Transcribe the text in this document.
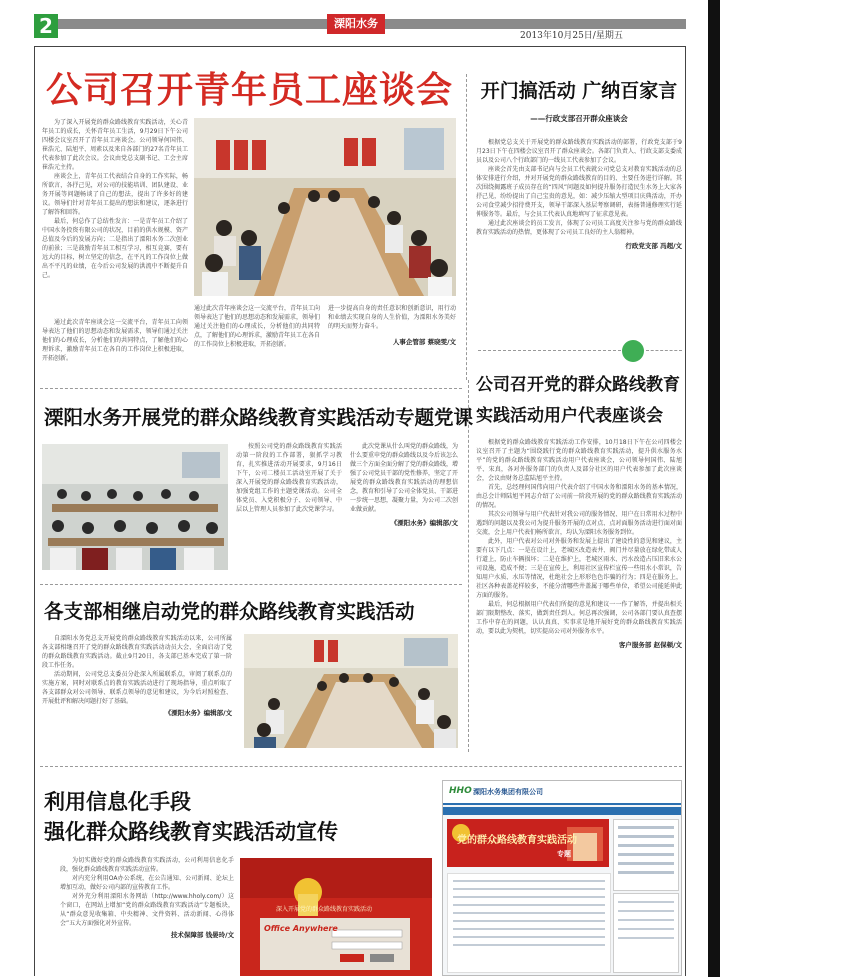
2	溧阳水务
2013年10月25日/星期五
公司召开青年员工座谈会

为了深入开展党的群众路线教育实践活动，关心青年员工的成长，关怀青年员工生活，9月29日下午公司四楼会议室召开了青年员工座谈会。公司领导何国伟、崔浩元、陆旭平、周素以及来自各部门的27名青年员工代表参加了此次会议。会议由党总支副书记、工会主席崔浩元主持。

座谈会上，青年员工代表结合自身的工作实际，畅所欲言，各抒己见，对公司的技能培训、团队建设、业务开展等问题畅谈了自己的想法，提出了许多好的建议。领导们针对青年员工提出的想法和建议，逐条进行了解答和回答。

最后，何总作了总结性发言：一是青年员工介绍了中国水务投资有限公司的状况，目前的供水规模、资产总值及今后的发展方向；二是指出了溧阳水务二次创业的前景；三是鼓励青年员工相互学习，相互竞赛，要有远大的目标，树立坚定的信念，在平凡的工作岗位上做出不平凡的业绩，在今后公司发展的洪流中不断提升自己。

通过此次青年座谈会这一交流平台，青年员工向领导表达了他们的思想动态和发展需求，领导们通过关注他们的心理成长，分析他们的共同特点，了解他们的心理诉求，激励青年员工在各自的工作岗位上积极进取，开拓创新。

通过此次青年座谈会这一交流平台，青年员工向领导表达了他们的思想动态和发展需求，领导们通过关注他们的心理成长，分析他们的共同特点，了解他们的心理诉求，激励青年员工在各自的工作岗位上积极进取，开拓创新。

进一步提高自身的责任意识和创新意识，用行动和业绩去实现自身的人生价值，为溧阳水务美好的明天而努力奋斗。

人事企管部 蔡晓雯/文
开门搞活动 广纳百家言
——行政支部召开群众座谈会

根据党总支关于开展党的群众路线教育实践活动的部署，行政党支部于9月23日下午在四楼会议室召开了群众座谈会。各部门负责人、行政支部支委成员以及公司八个行政部门的一线员工代表参加了会议。

座谈会首先由支部书记向与会员工代表就公司党总支对教育实践活动的总体安排进行介绍，并对开展党的群众路线教育的目的、主要任务进行详解。其次围绕揭露班子成员存在的“四风”问题及如何提升服务打造民生水务上大家各抒己见，纷纷提出了自己宝贵的意见，如：减少压缩大型项目庆典活动，开办公司食堂减少招待费开支，领导干部深入基层考察调研，表扬普通修理实行延伸服务等。最后，与会员工代表认真地填写了征求意见表。

通过此次座谈会的员工发言，体现了公司员工高度关注参与党的群众路线教育实践活动的热情，更体现了公司员工良好的主人翁精神。

行政党支部 冯超/文
溧阳水务开展党的群众路线教育实践活动专题党课

按照公司党的群众路线教育实践活动第一阶段的工作部署，狠抓学习教育，扎实推进活动开展要求，9月16日下午，公司二楼员工活动室开展了关于深入开展党的群众路线教育实践活动，加强党组工作的主题党课活动。公司全体党员、入党积极分子、公司领导、中层以上管理人员参加了此次党课学习。

此次党课从什么叫党的群众路线，为什么要重申党的群众路线以及今后该怎么做三个方面全面分解了党的群众路线，增强了公司党员干部的党性修养，坚定了开展党的群众路线教育实践活动的理想信念，教育和引导了公司全体党员、干部进一步统一思想，凝聚力量，为公司二次创业做贡献。

《溧阳水务》编辑部/文
公司召开党的群众路线教育
实践活动用户代表座谈会

根据党的群众路线教育实践活动工作安排，10月18日下午在公司四楼会议室召开了主题为“围绕践行党的群众路线教育实践活动，提升供水服务水平”的党的群众路线教育实践活动用户代表座谈会，公司领导何国伟、陆旭平、宋真，各对外服务部门的负责人及部分社区的用户代表参加了此次座谈会，会议由财务总监陆旭平主持。

首先，总经理何国伟向用户代表介绍了中国水务和溧阳水务的基本情况，由总会计师陆旭平同志介绍了公司前一阶段开展的党的群众路线教育实践活动的情况。

其次公司领导与用户代表针对我公司的服务情况、用户在日常用水过程中遇到的问题以及我公司为提升服务开展的点对点、点对面服务活动进行面对面交流，会上用户代表们畅所欲言，均认为溧阳水务服务到位。

此外，用户代表对公司对外服务和发展上提出了建设性的意见和建议，主要有以下几点：一是在设计上，老城区改造表井、阀门井尽量放在绿化带或人行道上，防止车辆损坏；二是在维护上，老城区雨水、污水改造占压旧来水公司设施，造成不便；三是在宣传上，利用社区宣传栏宣传一些用水小常识，告知用户水质、水压等情况，杜绝社会上形形色色诈骗的行为；四是在服务上，社区各种表盖花样较多，不能分清哪些井盖属于哪些单位，希望公司能延伸此方面的服务。

最后，何总根据用户代表们所提的意见和建议一一作了解答，并提出相关部门限期整改、落实，做到责任到人。何总再次强调，公司各部门要认真查摆工作中存在的问题，认认真真、实事求是地开展好党的群众路线教育实践活动，要以此为契机，切实提高公司对外服务水平。

客户服务部 赵保顿/文
各支部相继启动党的群众路线教育实践活动

自溧阳水务党总支开展党的群众路线教育实践活动以来，公司所属各支部相继召开了党的群众路线教育实践活动动员大会，全面启动了党的群众路线教育实践活动。截止9月20日，各支部已基本完成了第一阶段工作任务。

活动期间，公司党总支委员分赴深入所属联系点，审阅了联系点的实施方案，同时对联系点的教育实践活动进行了现场指导，重点听取了各支部群众对公司领导、联系点领导的意见和建议，为今后对照检查、开展批评和解决问题打好了基础。

《溧阳水务》编辑部/文
利用信息化手段
强化群众路线教育实践活动宣传

为切实做好党的群众路线教育实践活动，公司利用信息化手段，强化群众路线教育实践活动宣传。

对内充分利用OA办公系统，在公告通知、公司新闻、论坛上增加互动，做好公司内部的宣传教育工作。

对外充分利用溧阳水务网站（http://www.hholy.com/）这个窗口，在网站上增加“党的群众路线教育实践活动”专题板块，从“群众意见收集箱、中央精神、文件资料、活动新闻、心得体会”五大方面强化对外宣传。

技术保障部 钱晏玲/文
深入开展党的群众路线教育实践活动
Office Anywhere
HHO 溧阳水务集团有限公司
党的群众路线教育实践活动
专题
